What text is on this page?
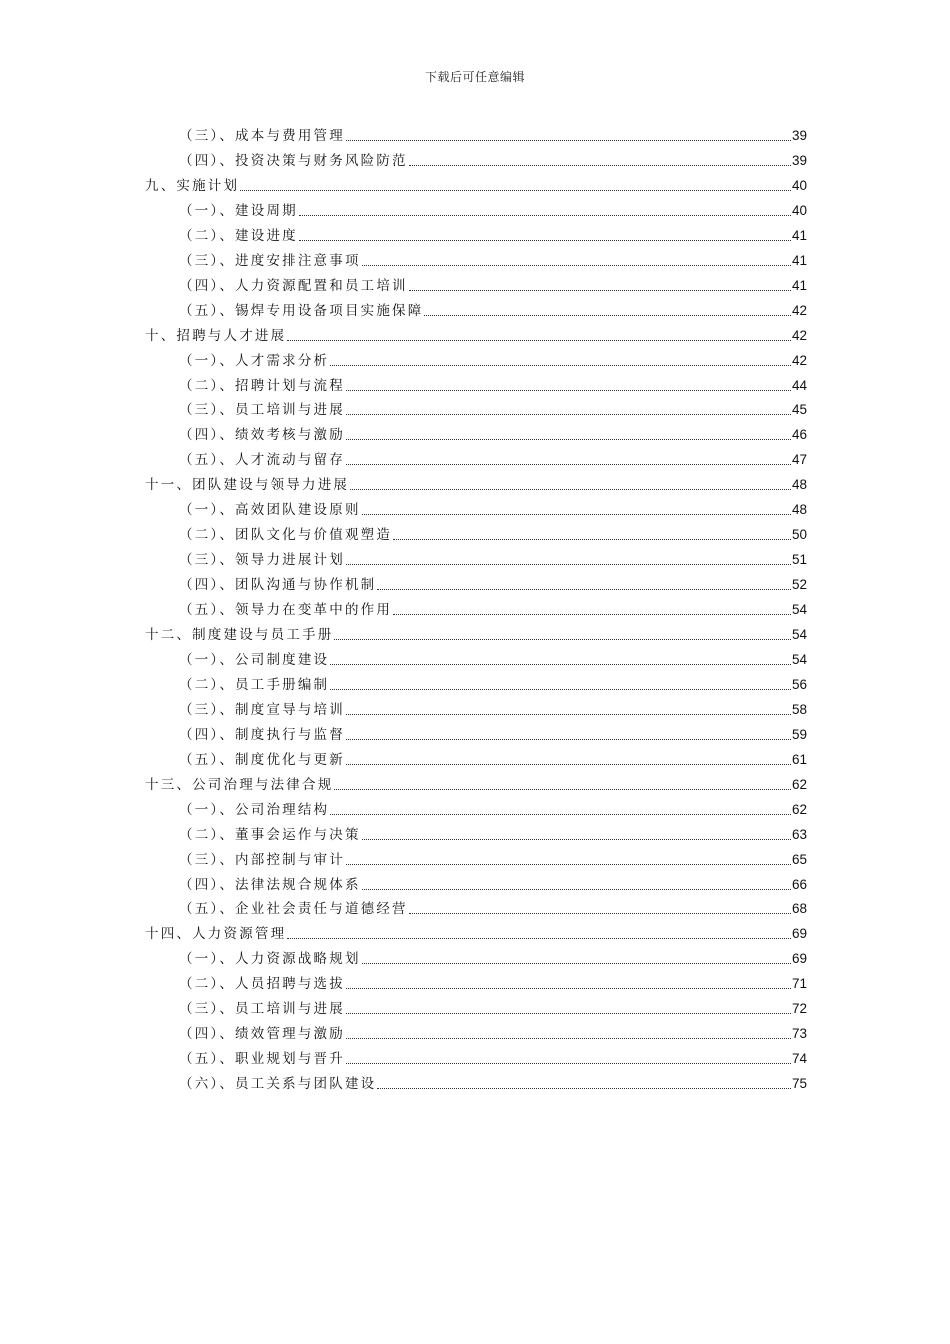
下载后可任意编辑
（三）、成本与费用管理	39
（四）、投资决策与财务风险防范	39
九、实施计划	40
（一）、建设周期	40
（二）、建设进度	41
（三）、进度安排注意事项	41
（四）、人力资源配置和员工培训	41
（五）、锡焊专用设备项目实施保障	42
十、招聘与人才进展	42
（一）、人才需求分析	42
（二）、招聘计划与流程	44
（三）、员工培训与进展	45
（四）、绩效考核与激励	46
（五）、人才流动与留存	47
十一、团队建设与领导力进展	48
（一）、高效团队建设原则	48
（二）、团队文化与价值观塑造	50
（三）、领导力进展计划	51
（四）、团队沟通与协作机制	52
（五）、领导力在变革中的作用	54
十二、制度建设与员工手册	54
（一）、公司制度建设	54
（二）、员工手册编制	56
（三）、制度宣导与培训	58
（四）、制度执行与监督	59
（五）、制度优化与更新	61
十三、公司治理与法律合规	62
（一）、公司治理结构	62
（二）、董事会运作与决策	63
（三）、内部控制与审计	65
（四）、法律法规合规体系	66
（五）、企业社会责任与道德经营	68
十四、人力资源管理	69
（一）、人力资源战略规划	69
（二）、人员招聘与选拔	71
（三）、员工培训与进展	72
（四）、绩效管理与激励	73
（五）、职业规划与晋升	74
（六）、员工关系与团队建设	75
